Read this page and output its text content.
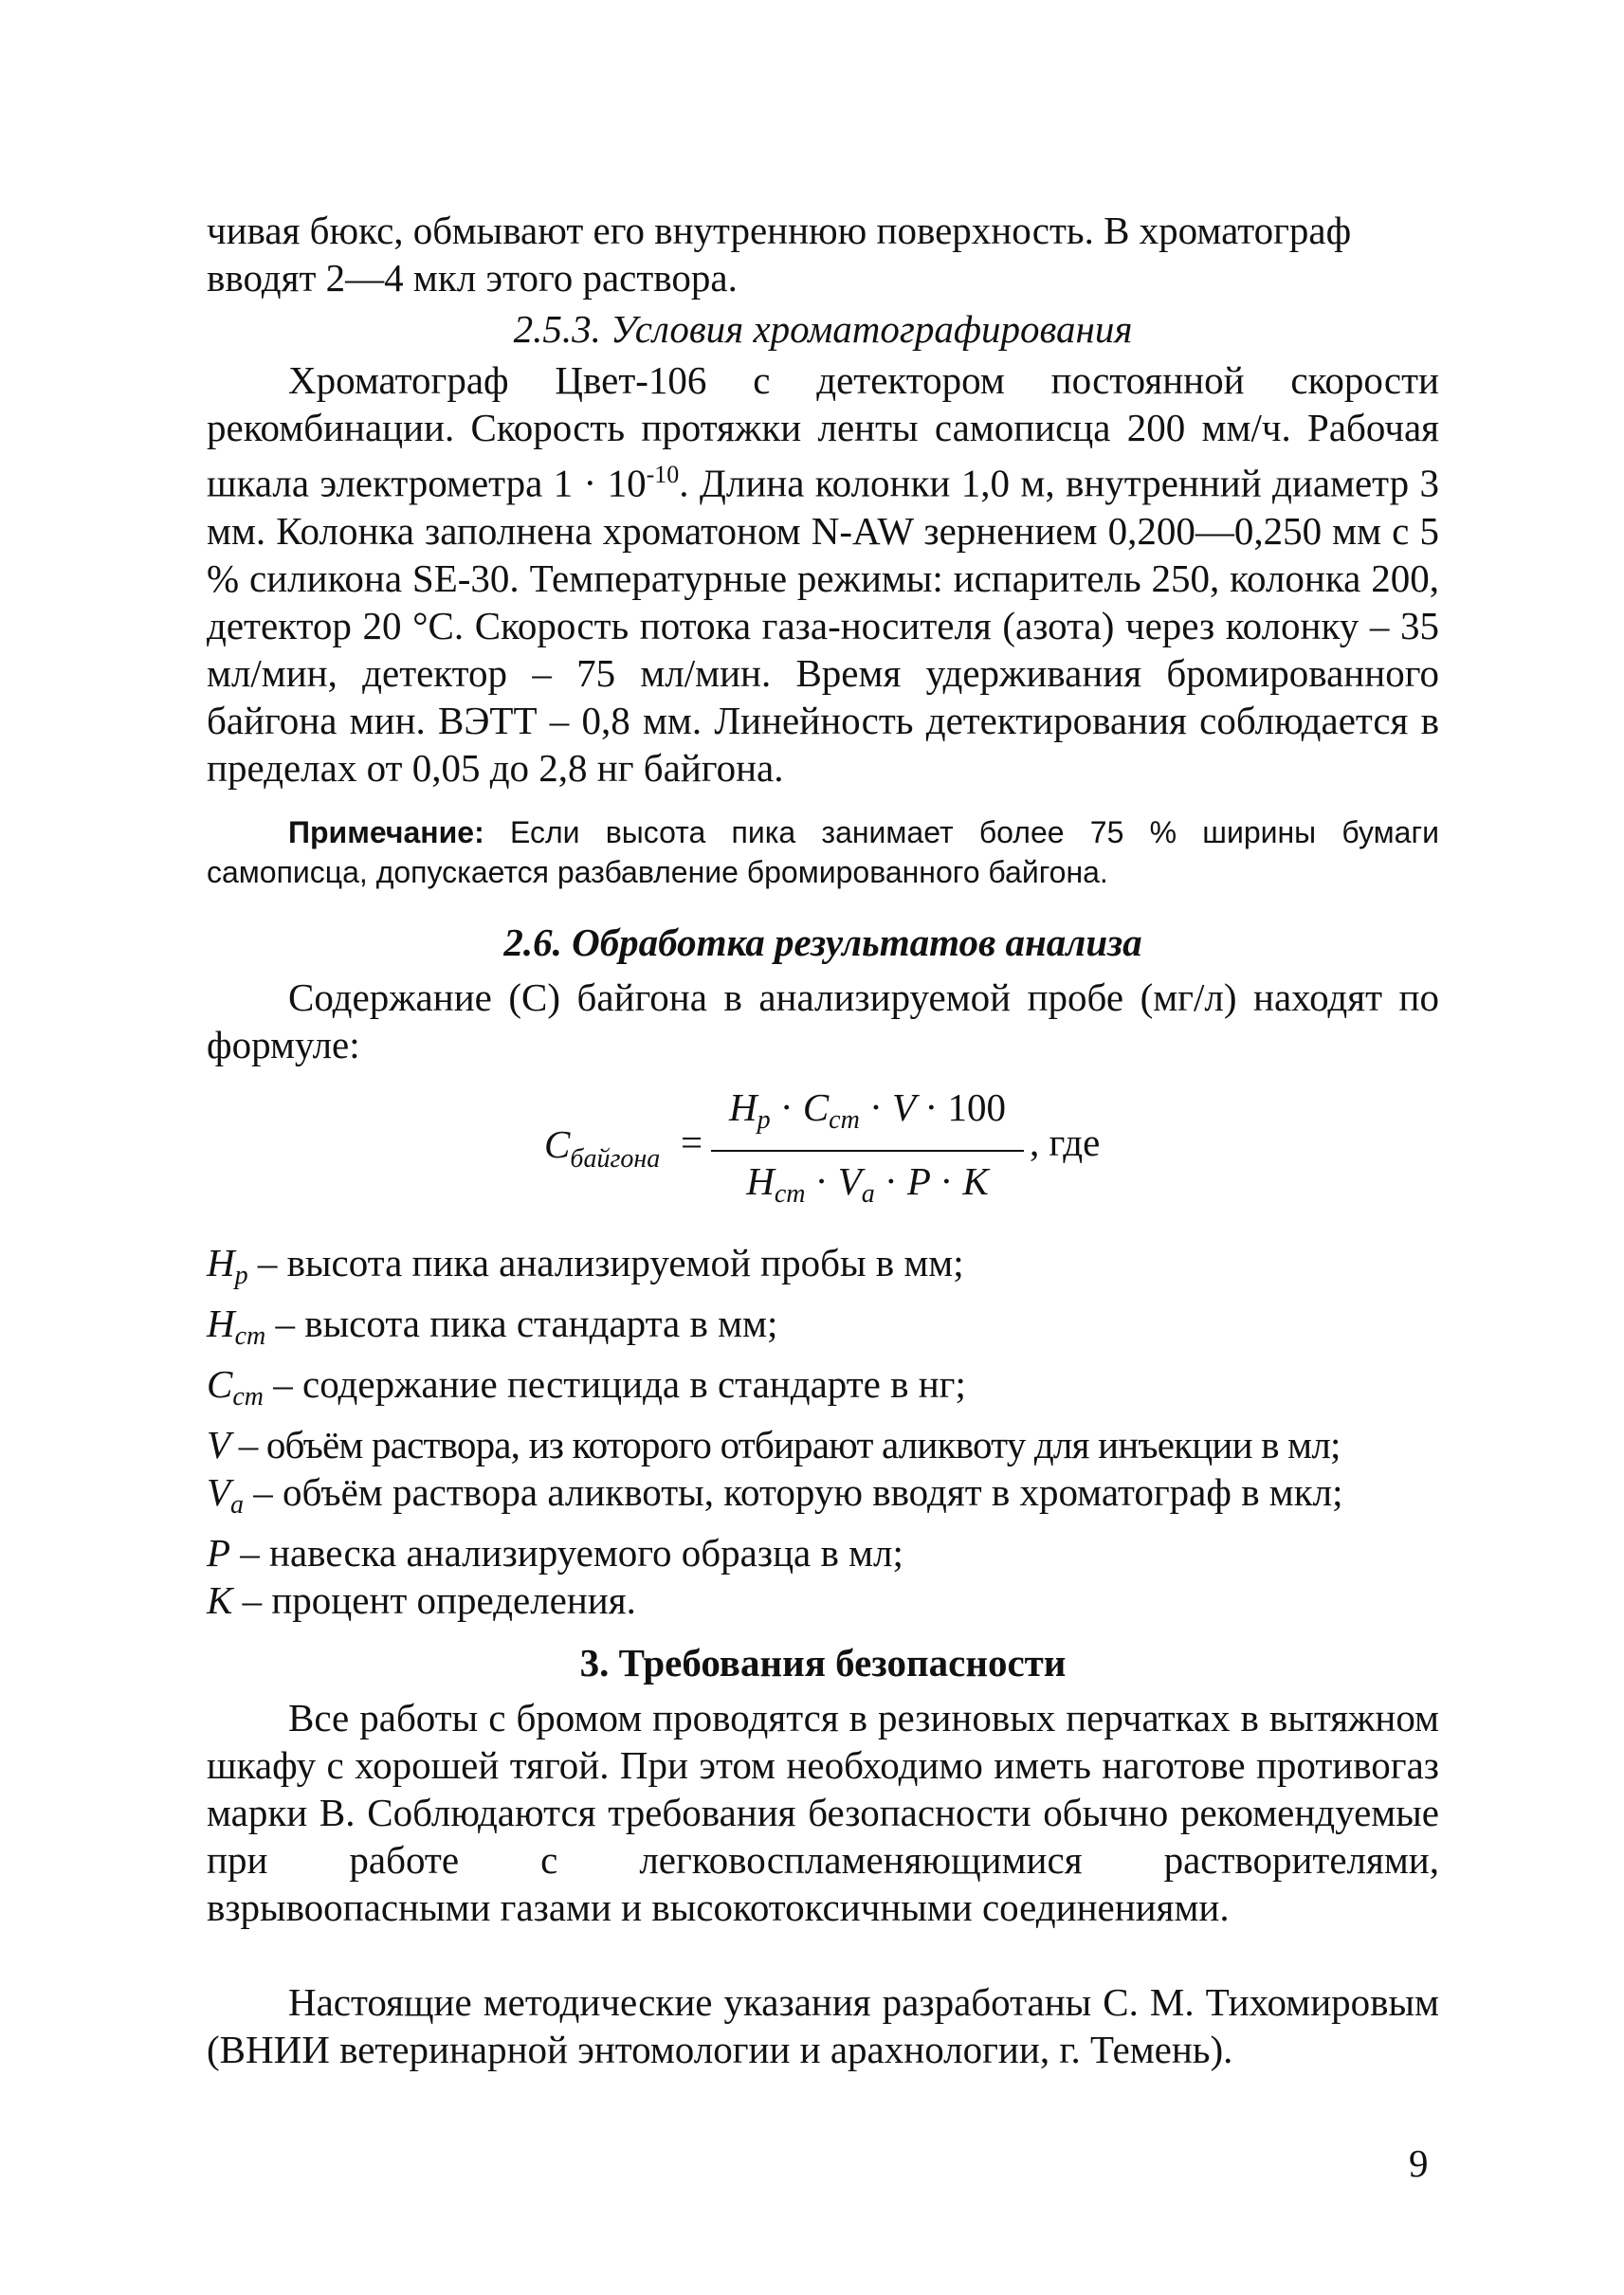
чивая бюкс, обмывают его внутреннюю поверхность. В хроматограф
вводят 2—4 мкл этого раствора.

2.5.3. Условия хроматографирования

Хроматограф Цвет-106 с детектором постоянной скорости рекомбинации. Скорость протяжки ленты самописца 200 мм/ч. Рабочая шкала электрометра $1 \cdot 10^{-10}$. Длина колонки 1,0 м, внутренний диаметр 3 мм. Колонка заполнена хроматоном N-AW зернением 0,200—0,250 мм с 5 % силикона SE-30. Температурные режимы: испаритель 250, колонка 200, детектор 20 °С. Скорость потока газа-носителя (азота) через колонку – 35 мл/мин, детектор – 75 мл/мин. Время удерживания бромированного байгона мин. ВЭТТ – 0,8 мм. Линейность детектирования соблюдается в пределах от 0,05 до 2,8 нг байгона.

Примечание: Если высота пика занимает более 75 % ширины бумаги самописца, допускается разбавление бромированного байгона.

2.6. Обработка результатов анализа

Содержание (С) байгона в анализируемой пробе (мг/л) находят по формуле:

$C_{байгона}$ =
$H_p \cdot C_{ст} \cdot V \cdot 100$
$H_{ст} \cdot V_a \cdot P \cdot K$
, где

$H_p$ – высота пика анализируемой пробы в мм;

$H_{ст}$ – высота пика стандарта в мм;

$C_{ст}$ – содержание пестицида в стандарте в нг;

V – объём раствора, из которого отбирают аликвоту для инъекции в мл;

$V_a$ – объём раствора аликвоты, которую вводят в хроматограф в мкл;

P – навеска анализируемого образца в мл;

K – процент определения.

3. Требования безопасности

Все работы с бромом проводятся в резиновых перчатках в вытяжном шкафу с хорошей тягой. При этом необходимо иметь наготове противогаз марки В. Соблюдаются требования безопасности обычно рекомендуемые при работе с легковоспламеняющимися растворителями, взрывоопасными газами и высокотоксичными соединениями.

Настоящие методические указания разработаны С. М. Тихомировым (ВНИИ ветеринарной энтомологии и арахнологии, г. Темень).

9
